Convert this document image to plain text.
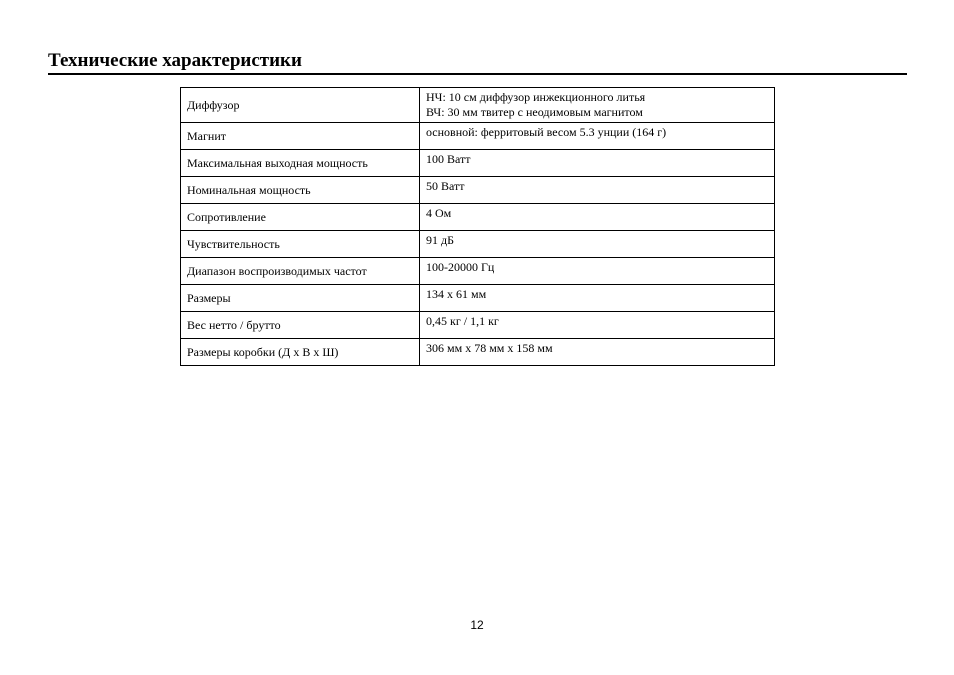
Технические характеристики
Диффузор	НЧ: 10 см диффузор инжекционного литья
ВЧ: 30 мм твитер с неодимовым магнитом

Магнит	основной: ферритовый весом 5.3 унции (164 г)

Максимальная выходная мощность	100 Ватт

Номинальная мощность	50 Ватт

Сопротивление	4 Ом

Чувствительность	91 дБ

Диапазон воспроизводимых частот	100-20000 Гц

Размеры	134 х 61 мм

Вес нетто / брутто	0,45 кг / 1,1 кг

Размеры коробки (Д х В х Ш)	306 мм х 78 мм х 158 мм
12
